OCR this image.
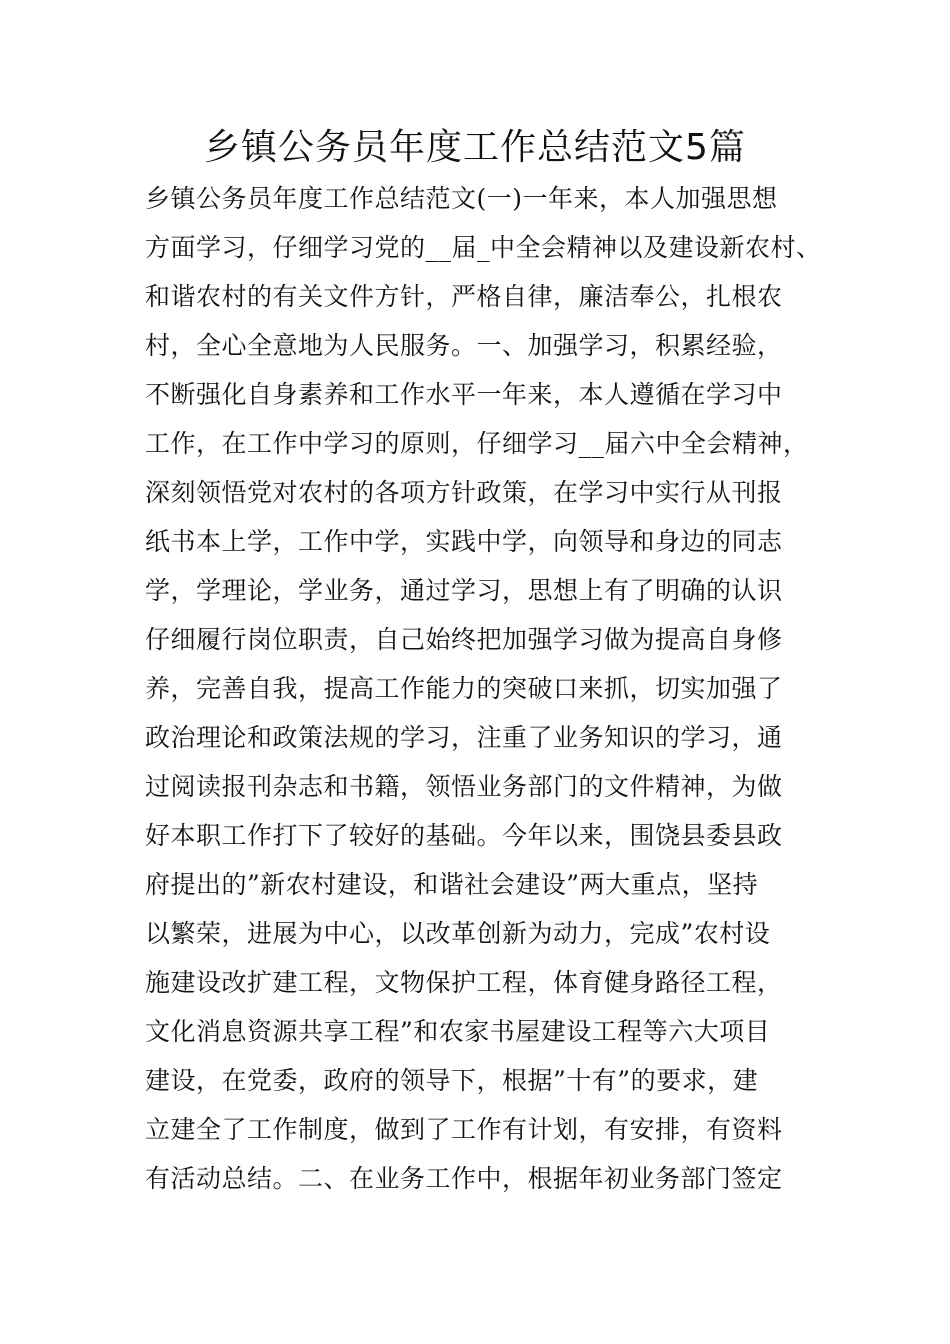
乡镇公务员年度工作总结范文5篇
乡镇公务员年度工作总结范文(一)一年来，本人加强思想
方面学习，仔细学习党的__届_中全会精神以及建设新农村、
和谐农村的有关文件方针，严格自律，廉洁奉公，扎根农
村，全心全意地为人民服务。一、加强学习，积累经验，
不断强化自身素养和工作水平一年来，本人遵循在学习中
工作，在工作中学习的原则，仔细学习__届六中全会精神，
深刻领悟党对农村的各项方针政策，在学习中实行从刊报
纸书本上学，工作中学，实践中学，向领导和身边的同志
学，学理论，学业务，通过学习，思想上有了明确的认识
仔细履行岗位职责，自己始终把加强学习做为提高自身修
养，完善自我，提高工作能力的突破口来抓，切实加强了
政治理论和政策法规的学习，注重了业务知识的学习，通
过阅读报刊杂志和书籍，领悟业务部门的文件精神，为做
好本职工作打下了较好的基础。今年以来，围饶县委县政
府提出的”新农村建设，和谐社会建设”两大重点，坚持
以繁荣，进展为中心，以改革创新为动力，完成”农村设
施建设改扩建工程，文物保护工程，体育健身路径工程，
文化消息资源共享工程”和农家书屋建设工程等六大项目
建设，在党委，政府的领导下，根据”十有”的要求，建
立建全了工作制度，做到了工作有计划，有安排，有资料
有活动总结。二、在业务工作中，根据年初业务部门签定
